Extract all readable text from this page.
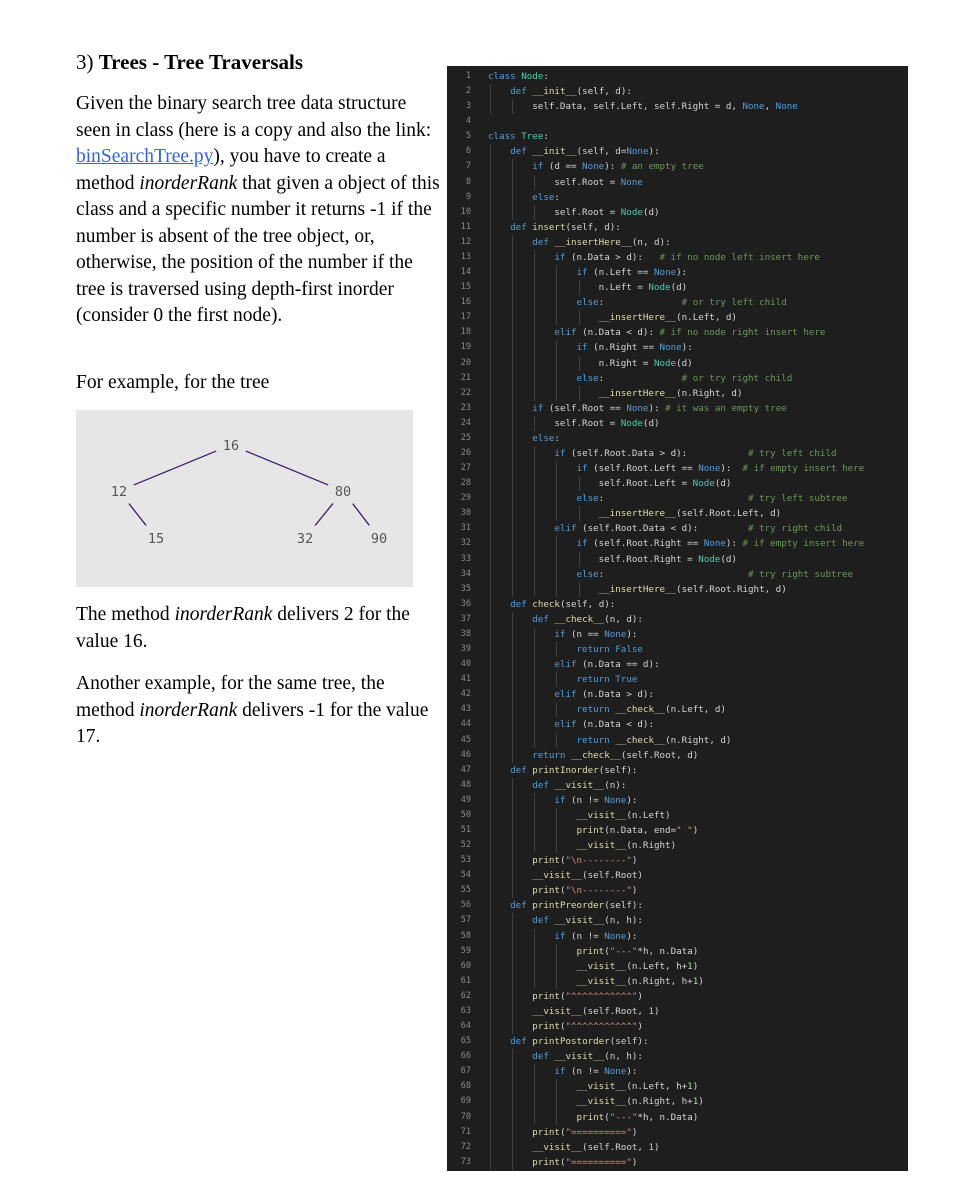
3) Trees - Tree Traversals
Given the binary search tree data structure seen in class (here is a copy and also the link: binSearchTree.py), you have to create a method inorderRank that given a object of this class and a specific number it returns -1 if the number is absent of the tree object, or, otherwise, the position of the number if the tree is traversed using depth-first inorder (consider 0 the first node).
For example, for the tree
16
12	80
15	32	90
The method inorderRank delivers 2 for the value 16.
Another example, for the same tree, the method inorderRank delivers -1 for the value 17.
1 class Node:
2	def __init__(self, d):
3 self.Data, self.Left, self.Right = d, None, None
4
5 class Tree:
6	def __init__(self, d=None):
7	if (d == None): # an empty tree
8 self.Root = None
9	else:
10 self.Root = Node(d)
11	def insert(self, d):
12	def __insertHere__(n, d):
13	if (n.Data > d):   # if no node left insert here
14	if (n.Left == None):
15 n.Left = Node(d)
16	else:              # or try left child
17	__insertHere__(n.Left, d)
18	elif (n.Data < d): # if no node right insert here
19	if (n.Right == None):
20 n.Right = Node(d)
21	else:              # or try right child
22	__insertHere__(n.Right, d)
23	if (self.Root == None): # it was an empty tree
24 self.Root = Node(d)
25	else:
26	if (self.Root.Data > d):           # try left child
27	if (self.Root.Left == None):  # if empty insert here
28 self.Root.Left = Node(d)
29	else:                          # try left subtree
30	__insertHere__(self.Root.Left, d)
31	elif (self.Root.Data < d):         # try right child
32	if (self.Root.Right == None): # if empty insert here
33 self.Root.Right = Node(d)
34	else:                          # try right subtree
35	__insertHere__(self.Root.Right, d)
36	def check(self, d):
37	def __check__(n, d):
38	if (n == None):
39	return False
40	elif (n.Data == d):
41	return True
42	elif (n.Data > d):
43	return __check__(n.Left, d)
44	elif (n.Data < d):
45	return __check__(n.Right, d)
46	return __check__(self.Root, d)
47	def printInorder(self):
48	def __visit__(n):
49	if (n != None):
50	__visit__(n.Left)
51	print(n.Data, end=" ")
52	__visit__(n.Right)
53	print("\n--------")
54	__visit__(self.Root)
55	print("\n--------")
56	def printPreorder(self):
57	def __visit__(n, h):
58	if (n != None):
59	print("---"*h, n.Data)
60	__visit__(n.Left, h+1)
61	__visit__(n.Right, h+1)
62	print("^^^^^^^^^^^")
63	__visit__(self.Root, 1)
64	print("^^^^^^^^^^^")
65	def printPostorder(self):
66	def __visit__(n, h):
67	if (n != None):
68	__visit__(n.Left, h+1)
69	__visit__(n.Right, h+1)
70	print("---"*h, n.Data)
71	print("==========")
72	__visit__(self.Root, 1)
73	print("==========")
